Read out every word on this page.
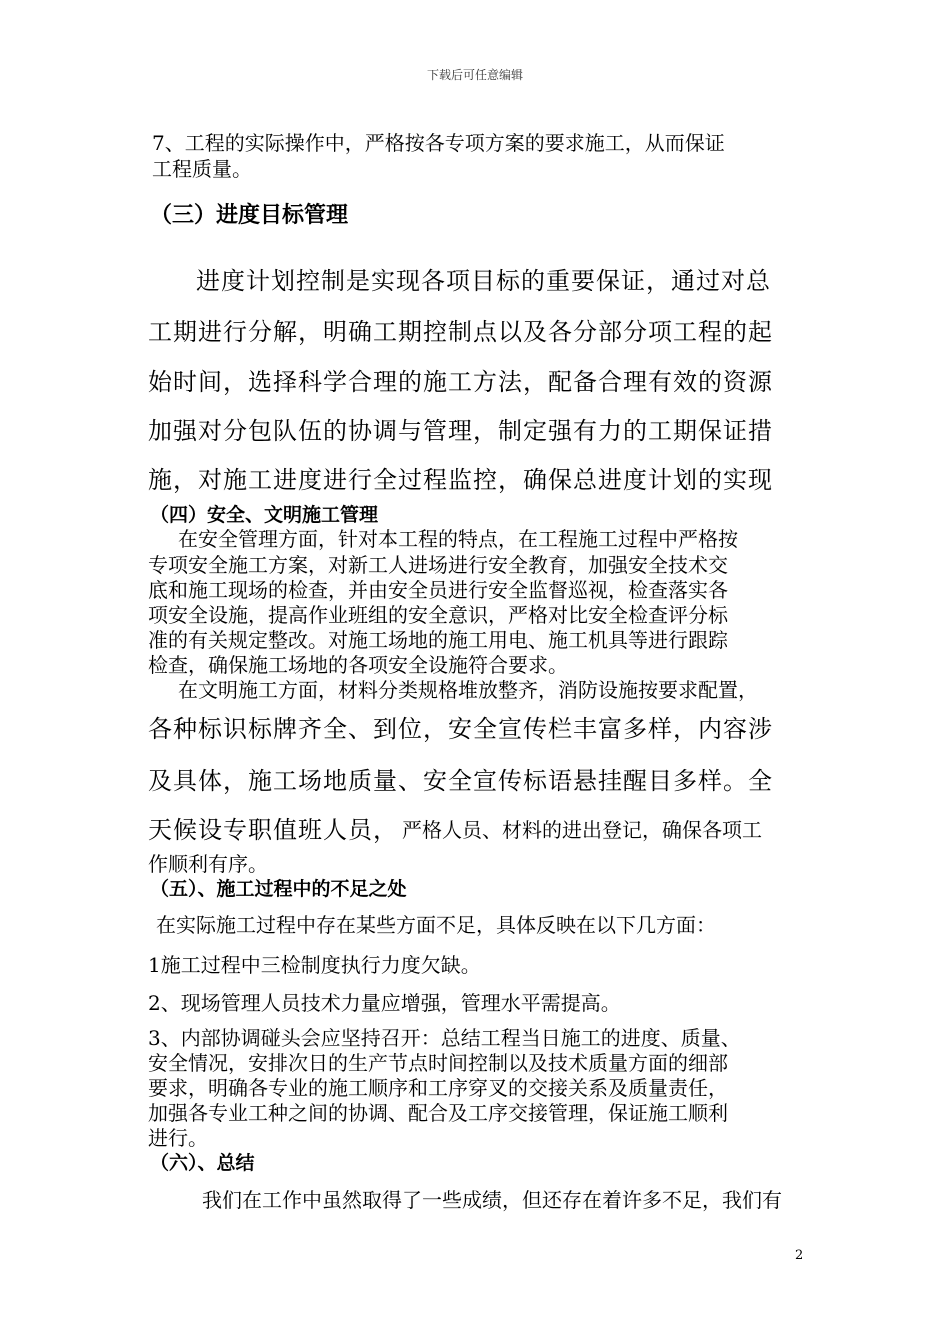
下载后可任意编辑
7、工程的实际操作中，严格按各专项方案的要求施工，从而保证
工程质量。
（三）进度目标管理
进度计划控制是实现各项目标的重要保证，通过对总
工期进行分解，明确工期控制点以及各分部分项工程的起
始时间，选择科学合理的施工方法，配备合理有效的资源
加强对分包队伍的协调与管理，制定强有力的工期保证措
施，对施工进度进行全过程监控，确保总进度计划的实现
（四）安全、文明施工管理
在安全管理方面，针对本工程的特点，在工程施工过程中严格按
专项安全施工方案，对新工人进场进行安全教育，加强安全技术交
底和施工现场的检查，并由安全员进行安全监督巡视，检查落实各
项安全设施，提高作业班组的安全意识，严格对比安全检查评分标
准的有关规定整改。对施工场地的施工用电、施工机具等进行跟踪
检查，确保施工场地的各项安全设施符合要求。
在文明施工方面，材料分类规格堆放整齐，消防设施按要求配置，
各种标识标牌齐全、到位，安全宣传栏丰富多样，内容涉
及具体，施工场地质量、安全宣传标语悬挂醒目多样。全
天候设专职值班人员， 严格人员、材料的进出登记，确保各项工
作顺利有序。
（五）、施工过程中的不足之处
在实际施工过程中存在某些方面不足，具体反映在以下几方面：
1施工过程中三检制度执行力度欠缺。
2、现场管理人员技术力量应增强，管理水平需提高。
3、内部协调碰头会应坚持召开：总结工程当日施工的进度、质量、
安全情况，安排次日的生产节点时间控制以及技术质量方面的细部
要求，明确各专业的施工顺序和工序穿叉的交接关系及质量责任，
加强各专业工种之间的协调、配合及工序交接管理，保证施工顺利
进行。
（六）、总结
我们在工作中虽然取得了一些成绩，但还存在着许多不足，我们有
2
